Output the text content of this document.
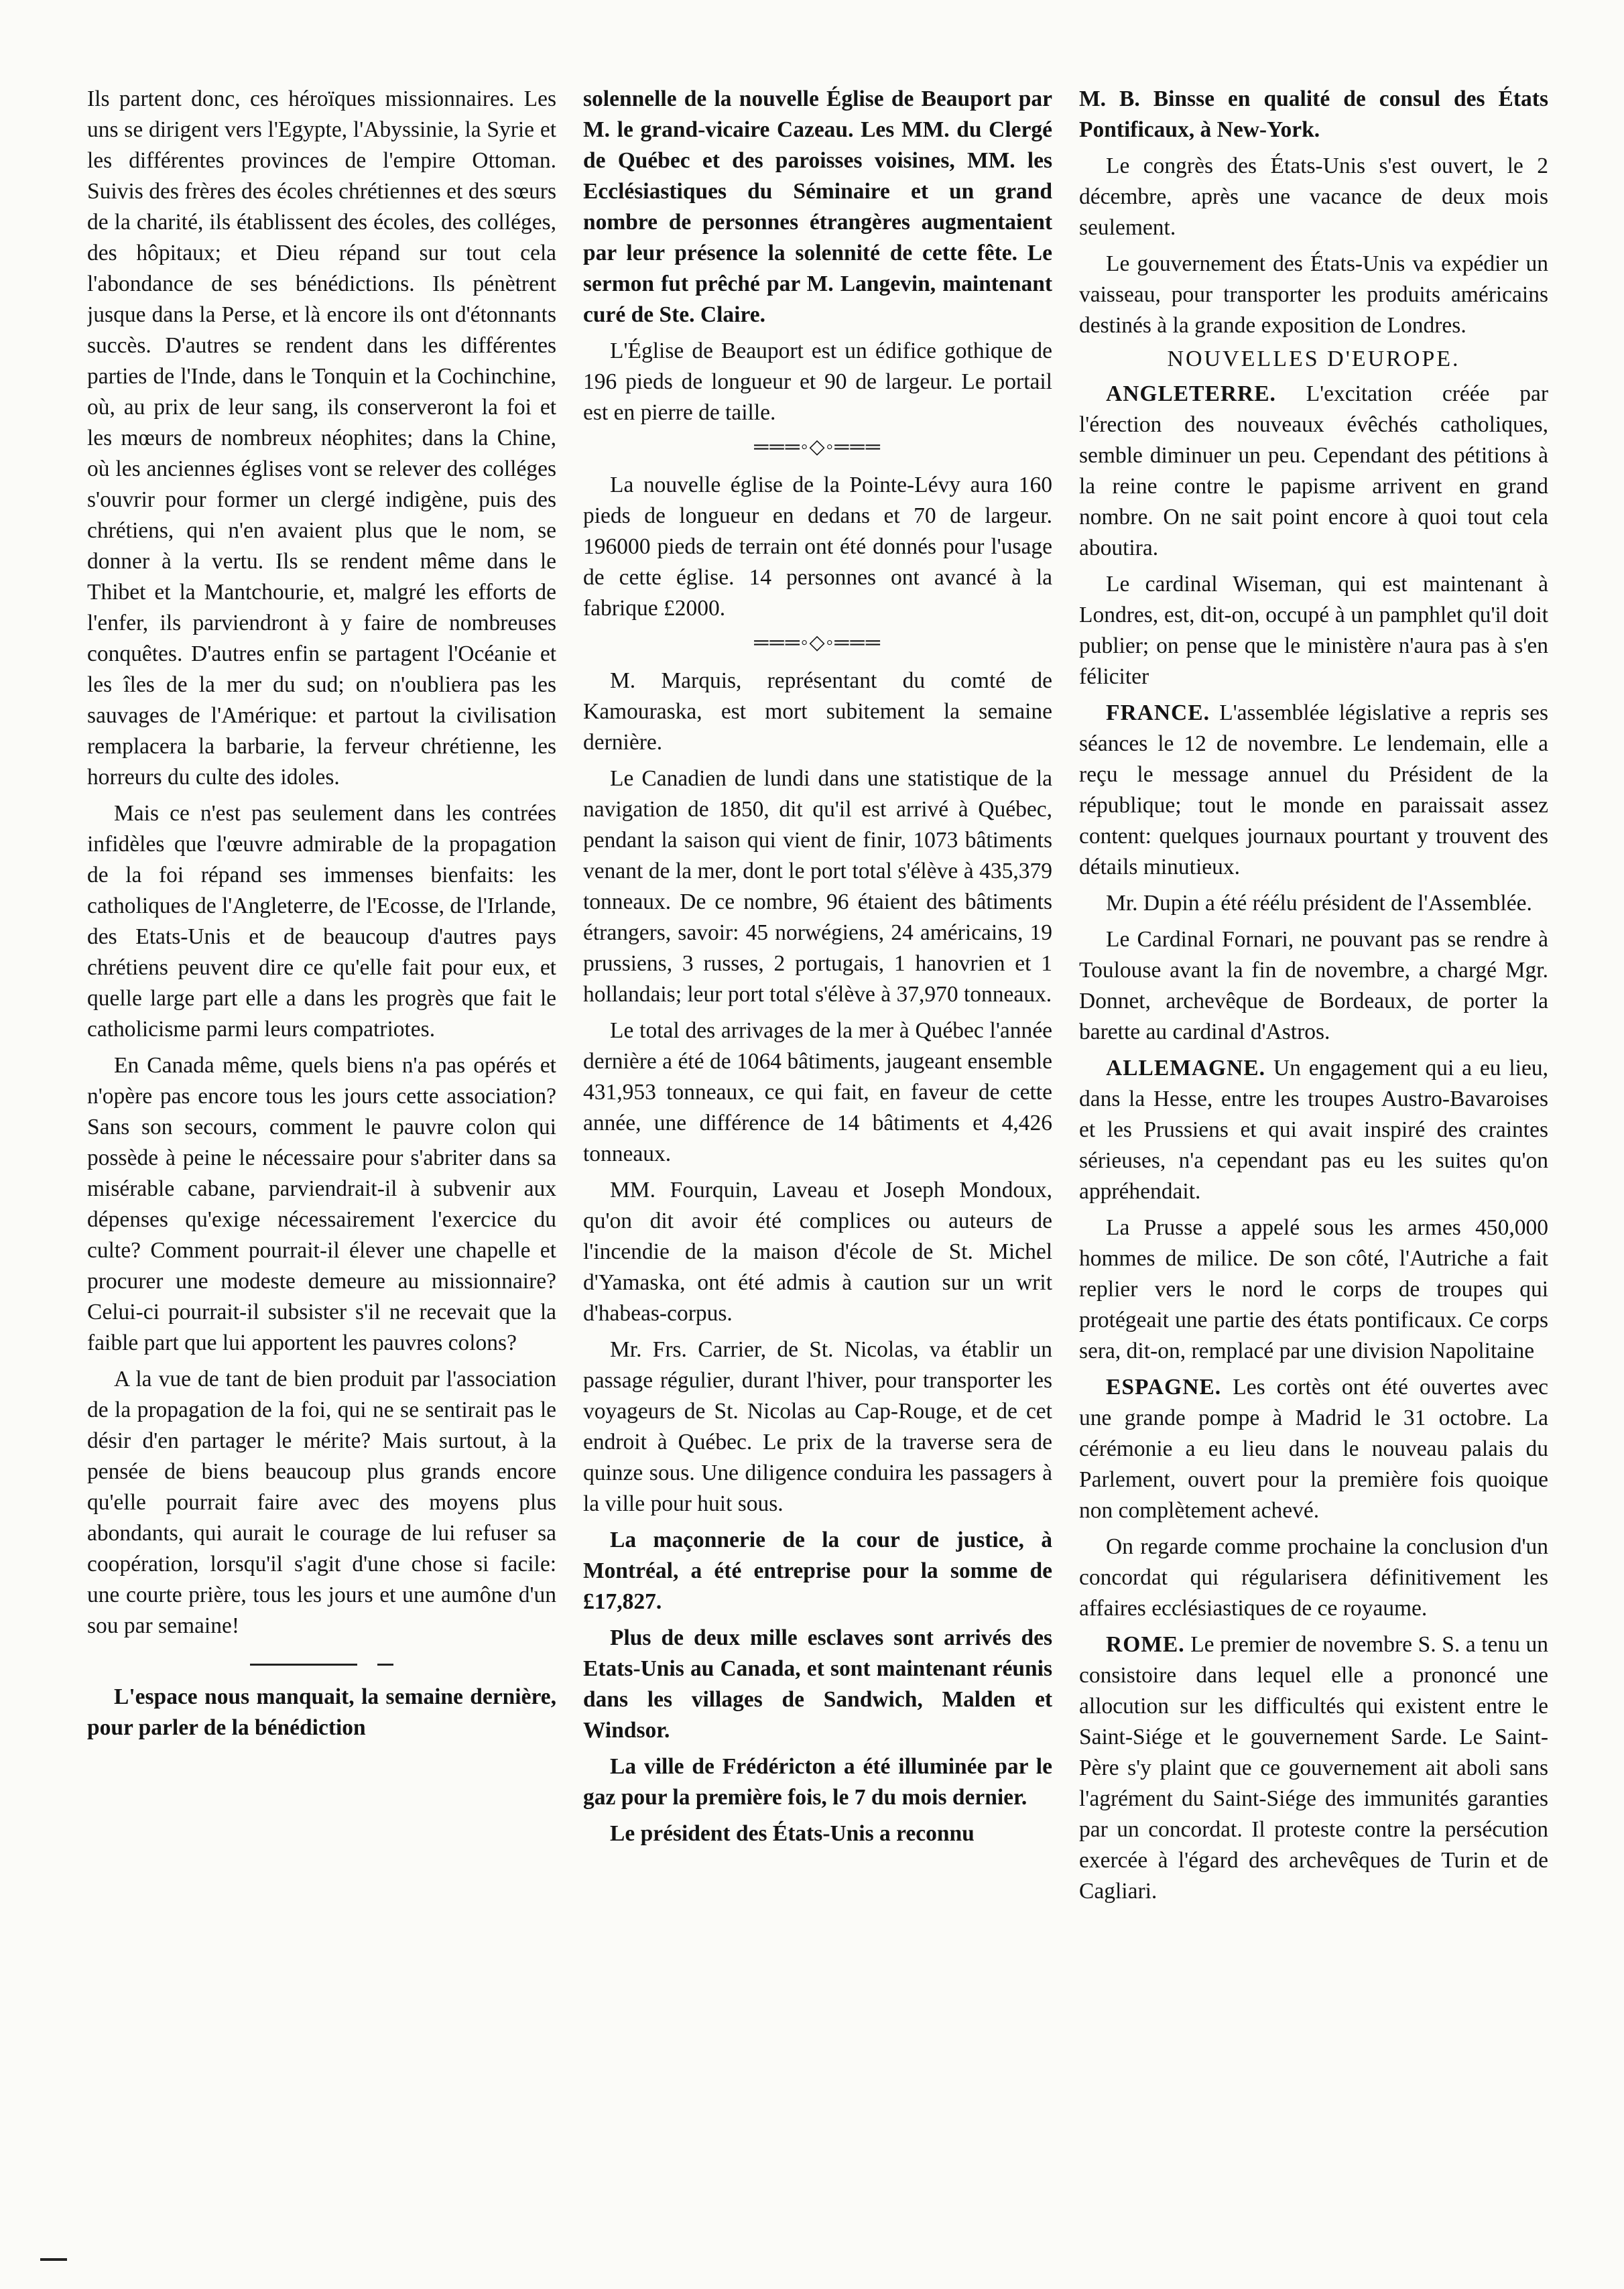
Ils partent donc, ces héroïques missionnaires. Les uns se dirigent vers l'Egypte, l'Abyssinie, la Syrie et les différentes provinces de l'empire Ottoman. Suivis des frères des écoles chrétiennes et des sœurs de la charité, ils établissent des écoles, des colléges, des hôpitaux; et Dieu répand sur tout cela l'abondance de ses bénédictions. Ils pénètrent jusque dans la Perse, et là encore ils ont d'étonnants succès. D'autres se rendent dans les différentes parties de l'Inde, dans le Tonquin et la Cochinchine, où, au prix de leur sang, ils conserveront la foi et les mœurs de nombreux néophites; dans la Chine, où les anciennes églises vont se relever des colléges s'ouvrir pour former un clergé indigène, puis des chrétiens, qui n'en avaient plus que le nom, se donner à la vertu. Ils se rendent même dans le Thibet et la Mantchourie, et, malgré les efforts de l'enfer, ils parviendront à y faire de nombreuses conquêtes. D'autres enfin se partagent l'Océanie et les îles de la mer du sud; on n'oubliera pas les sauvages de l'Amérique: et partout la civilisation remplacera la barbarie, la ferveur chrétienne, les horreurs du culte des idoles.

Mais ce n'est pas seulement dans les contrées infidèles que l'œuvre admirable de la propagation de la foi répand ses immenses bienfaits: les catholiques de l'Angleterre, de l'Ecosse, de l'Irlande, des Etats-Unis et de beaucoup d'autres pays chrétiens peuvent dire ce qu'elle fait pour eux, et quelle large part elle a dans les progrès que fait le catholicisme parmi leurs compatriotes.

En Canada même, quels biens n'a pas opérés et n'opère pas encore tous les jours cette association? Sans son secours, comment le pauvre colon qui possède à peine le nécessaire pour s'abriter dans sa misérable cabane, parviendrait-il à subvenir aux dépenses qu'exige nécessairement l'exercice du culte? Comment pourrait-il élever une chapelle et procurer une modeste demeure au missionnaire? Celui-ci pourrait-il subsister s'il ne recevait que la faible part que lui apportent les pauvres colons?

A la vue de tant de bien produit par l'association de la propagation de la foi, qui ne se sentirait pas le désir d'en partager le mérite? Mais surtout, à la pensée de biens beaucoup plus grands encore qu'elle pourrait faire avec des moyens plus abondants, qui aurait le courage de lui refuser sa coopération, lorsqu'il s'agit d'une chose si facile: une courte prière, tous les jours et une aumône d'un sou par semaine!

L'espace nous manquait, la semaine dernière, pour parler de la bénédiction

solennelle de la nouvelle Église de Beauport par M. le grand-vicaire Cazeau. Les MM. du Clergé de Québec et des paroisses voisines, MM. les Ecclésiastiques du Séminaire et un grand nombre de personnes étrangères augmentaient par leur présence la solennité de cette fête. Le sermon fut prêché par M. Langevin, maintenant curé de Ste. Claire.

L'Église de Beauport est un édifice gothique de 196 pieds de longueur et 90 de largeur. Le portail est en pierre de taille.

═══◦◇◦═══

La nouvelle église de la Pointe-Lévy aura 160 pieds de longueur en dedans et 70 de largeur. 196000 pieds de terrain ont été donnés pour l'usage de cette église. 14 personnes ont avancé à la fabrique £2000.

═══◦◇◦═══

M. Marquis, représentant du comté de Kamouraska, est mort subitement la semaine dernière.

Le Canadien de lundi dans une statistique de la navigation de 1850, dit qu'il est arrivé à Québec, pendant la saison qui vient de finir, 1073 bâtiments venant de la mer, dont le port total s'élève à 435,379 tonneaux. De ce nombre, 96 étaient des bâtiments étrangers, savoir: 45 norwégiens, 24 américains, 19 prussiens, 3 russes, 2 portugais, 1 hanovrien et 1 hollandais; leur port total s'élève à 37,970 tonneaux.

Le total des arrivages de la mer à Québec l'année dernière a été de 1064 bâtiments, jaugeant ensemble 431,953 tonneaux, ce qui fait, en faveur de cette année, une différence de 14 bâtiments et 4,426 tonneaux.

MM. Fourquin, Laveau et Joseph Mondoux, qu'on dit avoir été complices ou auteurs de l'incendie de la maison d'école de St. Michel d'Yamaska, ont été admis à caution sur un writ d'habeas-corpus.

Mr. Frs. Carrier, de St. Nicolas, va établir un passage régulier, durant l'hiver, pour transporter les voyageurs de St. Nicolas au Cap-Rouge, et de cet endroit à Québec. Le prix de la traverse sera de quinze sous. Une diligence conduira les passagers à la ville pour huit sous.

La maçonnerie de la cour de justice, à Montréal, a été entreprise pour la somme de £17,827.

Plus de deux mille esclaves sont arrivés des Etats-Unis au Canada, et sont maintenant réunis dans les villages de Sandwich, Malden et Windsor.

La ville de Frédéricton a été illuminée par le gaz pour la première fois, le 7 du mois dernier.

Le président des États-Unis a reconnu

M. B. Binsse en qualité de consul des États Pontificaux, à New-York.

Le congrès des États-Unis s'est ouvert, le 2 décembre, après une vacance de deux mois seulement.

Le gouvernement des États-Unis va expédier un vaisseau, pour transporter les produits américains destinés à la grande exposition de Londres.

NOUVELLES D'EUROPE.

ANGLETERRE. L'excitation créée par l'érection des nouveaux évêchés catholiques, semble diminuer un peu. Cependant des pétitions à la reine contre le papisme arrivent en grand nombre. On ne sait point encore à quoi tout cela aboutira.

Le cardinal Wiseman, qui est maintenant à Londres, est, dit-on, occupé à un pamphlet qu'il doit publier; on pense que le ministère n'aura pas à s'en féliciter

FRANCE. L'assemblée législative a repris ses séances le 12 de novembre. Le lendemain, elle a reçu le message annuel du Président de la république; tout le monde en paraissait assez content: quelques journaux pourtant y trouvent des détails minutieux.

Mr. Dupin a été réélu président de l'Assemblée.

Le Cardinal Fornari, ne pouvant pas se rendre à Toulouse avant la fin de novembre, a chargé Mgr. Donnet, archevêque de Bordeaux, de porter la barette au cardinal d'Astros.

ALLEMAGNE. Un engagement qui a eu lieu, dans la Hesse, entre les troupes Austro-Bavaroises et les Prussiens et qui avait inspiré des craintes sérieuses, n'a cependant pas eu les suites qu'on appréhendait.

La Prusse a appelé sous les armes 450,000 hommes de milice. De son côté, l'Autriche a fait replier vers le nord le corps de troupes qui protégeait une partie des états pontificaux. Ce corps sera, dit-on, remplacé par une division Napolitaine

ESPAGNE. Les cortès ont été ouvertes avec une grande pompe à Madrid le 31 octobre. La cérémonie a eu lieu dans le nouveau palais du Parlement, ouvert pour la première fois quoique non complètement achevé.

On regarde comme prochaine la conclusion d'un concordat qui régularisera définitivement les affaires ecclésiastiques de ce royaume.

ROME. Le premier de novembre S. S. a tenu un consistoire dans lequel elle a prononcé une allocution sur les difficultés qui existent entre le Saint-Siége et le gouvernement Sarde. Le Saint-Père s'y plaint que ce gouvernement ait aboli sans l'agrément du Saint-Siége des immunités garanties par un concordat. Il proteste contre la persécution exercée à l'égard des archevêques de Turin et de Cagliari.
